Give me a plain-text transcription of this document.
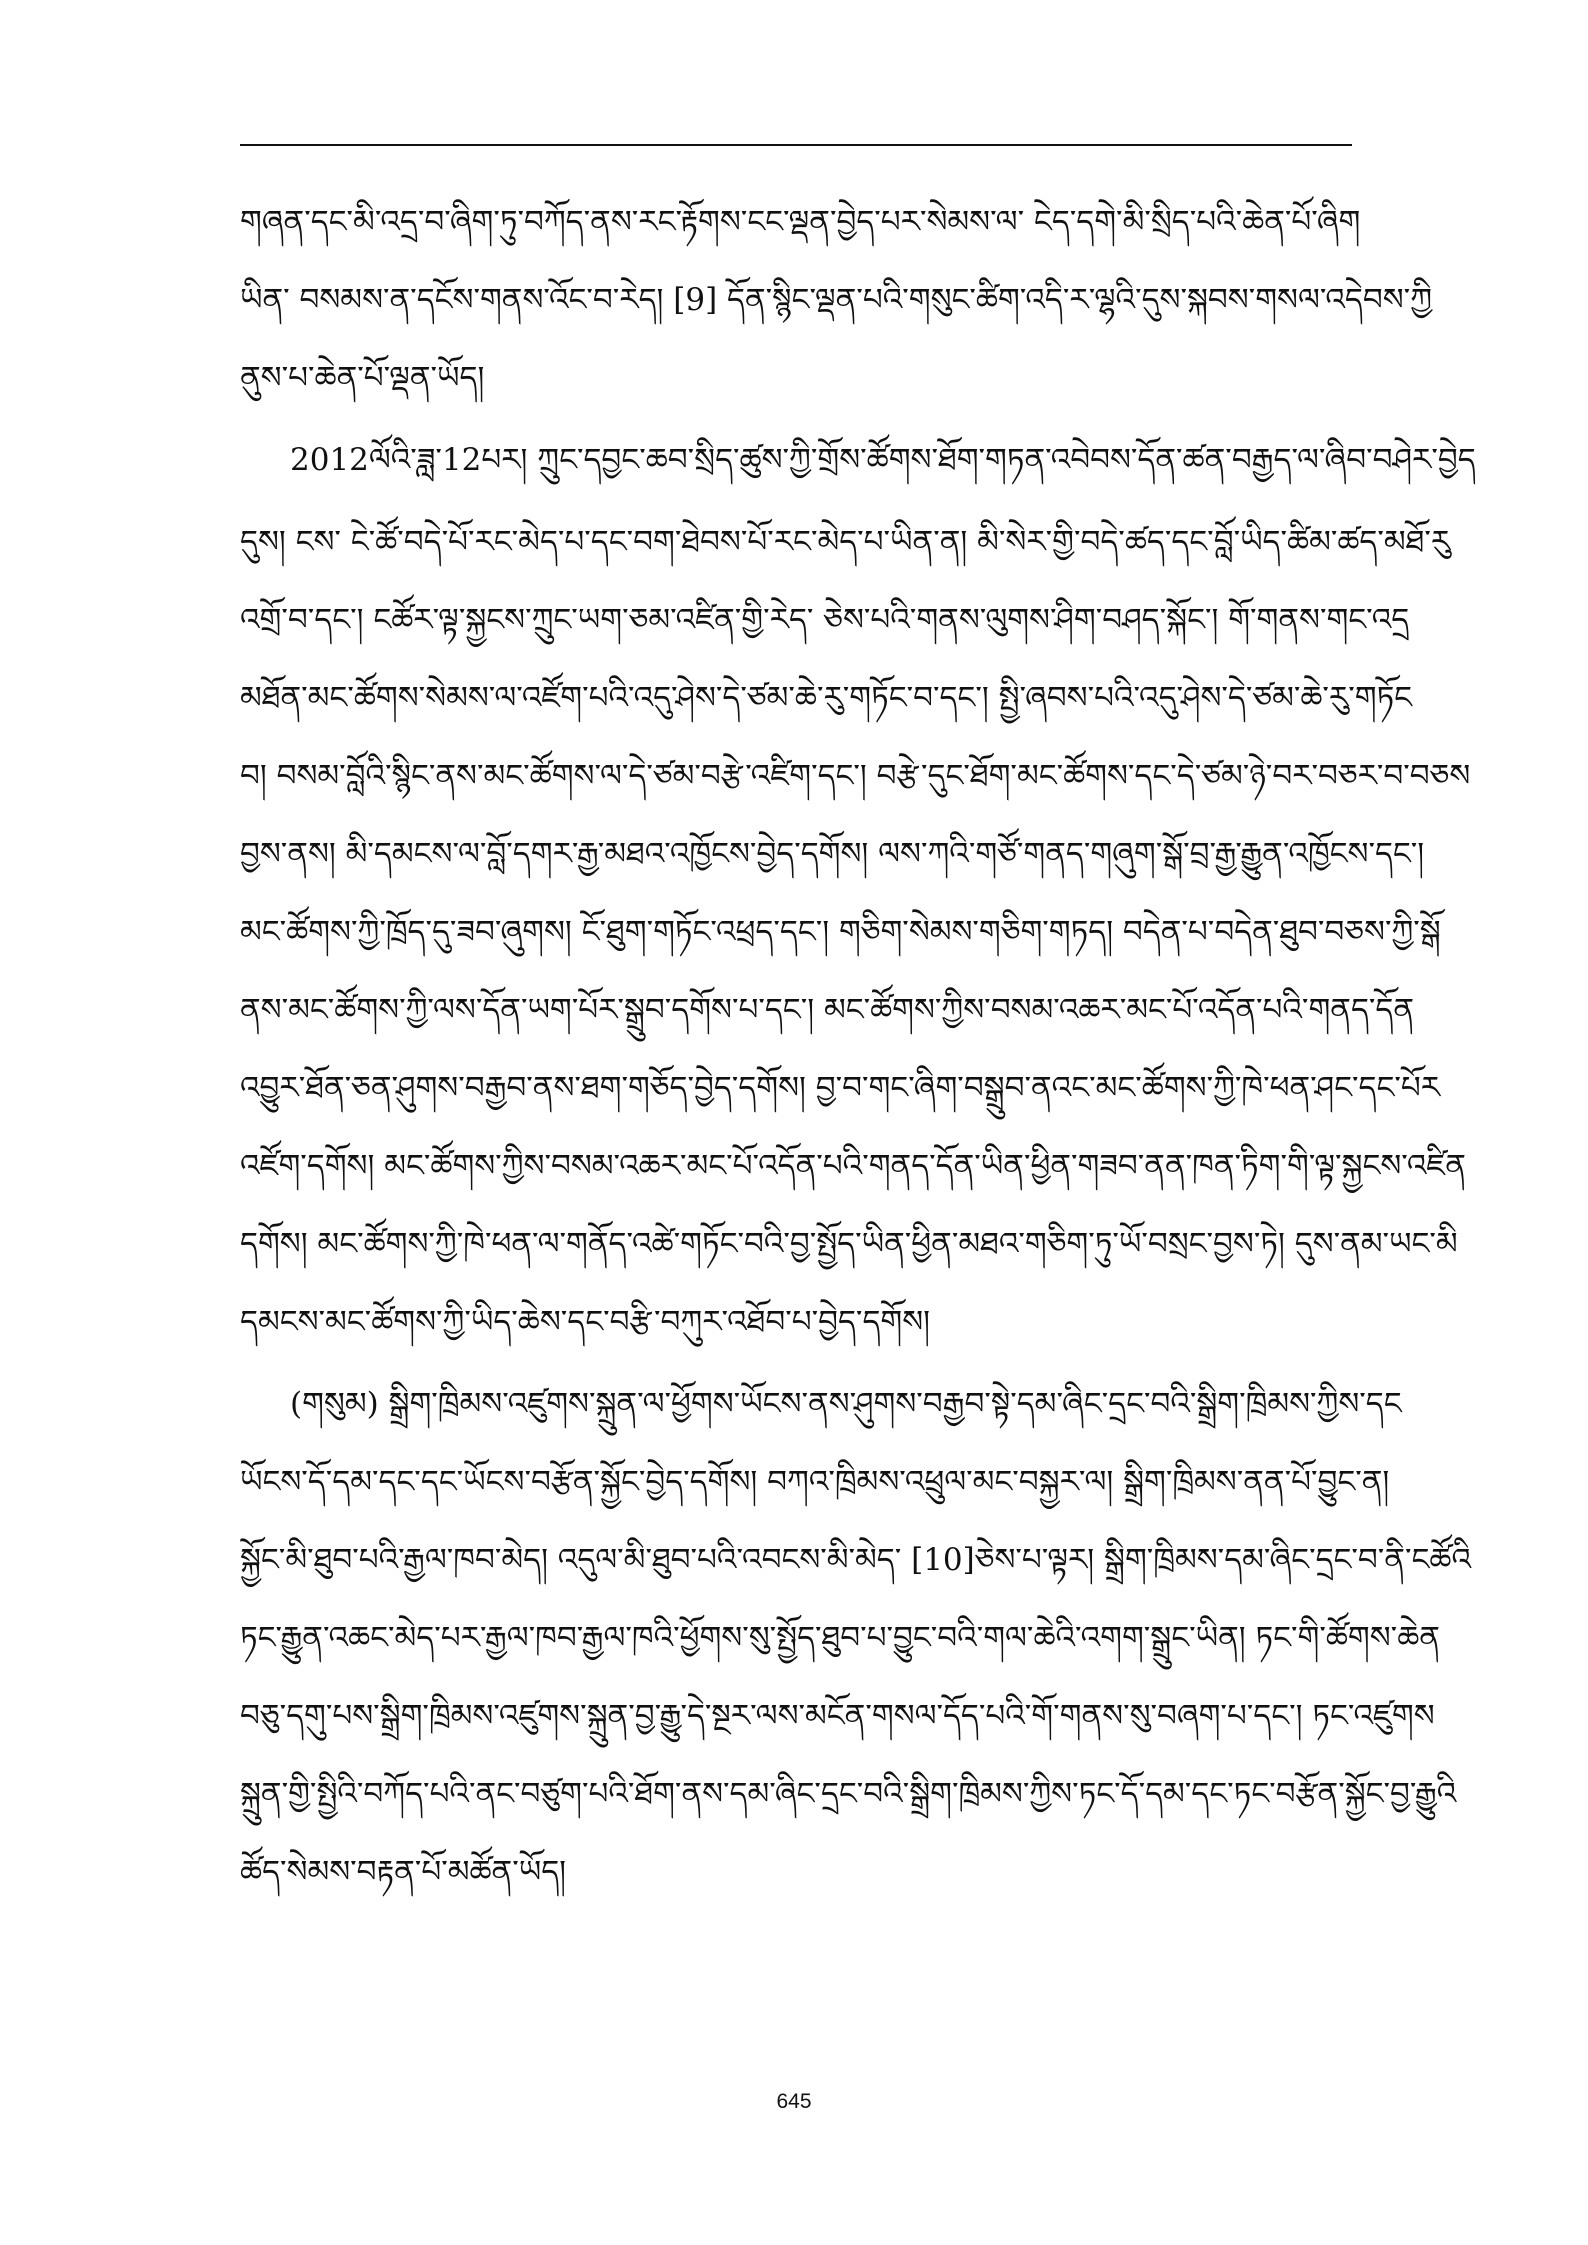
གཞན་དང་མི་འདྲ་བ་ཞིག་ཏུ་བཀོད་ནས་རང་རྟོགས་ངང་ལྡན་བྱེད་པར་སེམས་ལ་ ངེད་དགེ་མི་སྲིད་པའི་ཆེན་པོ་ཞིག
ཡིན་ བསམས་ན་དངོས་གནས་འོང་བ་རེད། [9] དོན་སྙིང་ལྡན་པའི་གསུང་ཚིག་འདི་ར་ལྷའི་དུས་སྐབས་གསལ་འདེབས་ཀྱི
ནུས་པ་ཆེན་པོ་ལྡན་ཡོད།
2012ལོའི་ཟླ་12པར། ཀྲུང་དབྱང་ཆབ་སྲིད་ཚུས་ཀྱི་གྲོས་ཚོགས་ཐོག་གཏན་འབེབས་དོན་ཚན་བརྒྱད་ལ་ཞིབ་བཤེར་བྱེད
དུས། ངས་ ངེ་ཚོ་བདེ་པོ་རང་མེད་པ་དང་བག་ཐེབས་པོ་རང་མེད་པ་ཡིན་ན། མི་སེར་གྱི་བདེ་ཚད་དང་བློ་ཡིད་ཚིམ་ཚད་མཐོ་རུ
འགྲོ་བ་དང་། ངཚོར་ལྟ་སྐྱངས་ཀྲུང་ཡག་ཅམ་འཛིན་གྱི་རེད་ ཅེས་པའི་གནས་ལུགས་ཤིག་བཤད་སྐོང་། གོ་གནས་གང་འདྲ
མཐོན་མང་ཚོགས་སེམས་ལ་འཛོག་པའི་འདུ་ཤེས་དེ་ཙམ་ཆེ་རུ་གཏོང་བ་དང་། སྤྱི་ཞབས་པའི་འདུ་ཤེས་དེ་ཙམ་ཆེ་རུ་གཏོང
བ། བསམ་བློའི་སྙིང་ནས་མང་ཚོགས་ལ་དེ་ཙམ་བརྩེ་འཛིག་དང་། བརྩེ་དུང་ཐོག་མང་ཚོགས་དང་དེ་ཙམ་ཉེ་བར་བཅར་བ་བཅས
བྱས་ནས། མི་དམངས་ལ་བློ་དགར་རྒྱ་མཐའ་འཁྱོངས་བྱེད་དགོས། ལས་ཀའི་གཙོ་གནད་གཞུག་སྒོ་བྲ་རྒྱ་རྒྱུན་འཁྱོངས་དང་།
མང་ཚོགས་ཀྱི་ཁྲོད་དུ་ཟབ་ཞུགས། ངོ་ཐུག་གཏོང་འཕྲད་དང་། གཅིག་སེམས་གཅིག་གཏད། བདེན་པ་བདེན་ཐུབ་བཅས་ཀྱི་སྒོ
ནས་མང་ཚོགས་ཀྱི་ལས་དོན་ཡག་པོར་སྒྲུབ་དགོས་པ་དང་། མང་ཚོགས་ཀྱིས་བསམ་འཆར་མང་པོ་འདོན་པའི་གནད་དོན
འབྱུར་ཐོན་ཅན་ཤུགས་བརྒྱབ་ནས་ཐག་གཅོད་བྱེད་དགོས། བྱ་བ་གང་ཞིག་བསྒྲུབ་ནའང་མང་ཚོགས་ཀྱི་ཁེ་ཕན་ཤང་དང་པོར
འཛོག་དགོས། མང་ཚོགས་ཀྱིས་བསམ་འཆར་མང་པོ་འདོན་པའི་གནད་དོན་ཡིན་ཕྱིན་གཟབ་ནན་ཁན་ཏིག་གི་ལྟ་སྐྱངས་འཛིན
དགོས། མང་ཚོགས་ཀྱི་ཁེ་ཕན་ལ་གནོད་འཚེ་གཏོང་བའི་བྱ་སྤྱོད་ཡིན་ཕྱིན་མཐའ་གཅིག་ཏུ་ཡོ་བསྲང་བྱས་ཏེ། དུས་ནམ་ཡང་མི
དམངས་མང་ཚོགས་ཀྱི་ཡིད་ཆེས་དང་བརྩི་བཀུར་འཐོབ་པ་བྱེད་དགོས།
(གསུམ) སྒྲིག་ཁྲིམས་འཛུགས་སྐྲུན་ལ་ཕྱོགས་ཡོངས་ནས་ཤུགས་བརྒྱབ་སྟེ་དམ་ཞིང་དྲང་བའི་སྒྲིག་ཁྲིམས་ཀྱིས་དང
ཡོངས་དོ་དམ་དང་དང་ཡོངས་བརྩོན་སྐྱོང་བྱེད་དགོས། བཀའ་ཁྲིམས་འཕྲུལ་མང་བསྐྱར་ལ། སྒྲིག་ཁྲིམས་ནན་པོ་བྱུང་ན།
སྐྱོང་མི་ཐུབ་པའི་རྒྱལ་ཁབ་མེད། འདུལ་མི་ཐུབ་པའི་འབངས་མི་མེད་ [10]ཅེས་པ་ལྟར། སྒྲིག་ཁྲིམས་དམ་ཞིང་དྲང་བ་ནི་ངཚོའི
ཏང་རྒྱུན་འཆང་མེད་པར་རྒྱལ་ཁབ་རྒྱལ་ཁའི་ཕྱོགས་སུ་སྤྱོད་ཐུབ་པ་བྱུང་བའི་གལ་ཆེའི་འགག་སྒྲུང་ཡིན། ཏང་གི་ཚོགས་ཆེན
བཅུ་དགུ་པས་སྒྲིག་ཁྲིམས་འཛུགས་སྐྲུན་བྱ་རྒྱུ་དེ་སྔར་ལས་མངོན་གསལ་དོད་པའི་གོ་གནས་སུ་བཞག་པ་དང་། ཏང་འཛུགས
སྐྲུན་གྱི་སྤྱིའི་བཀོད་པའི་ནང་བཙུག་པའི་ཐོག་ནས་དམ་ཞིང་དྲང་བའི་སྒྲིག་ཁྲིམས་ཀྱིས་ཏང་དོ་དམ་དང་ཏང་བརྩོན་སྐྱོང་བྱ་རྒྱུའི
ཚོད་སེམས་བརྟན་པོ་མཚོན་ཡོད།
645
